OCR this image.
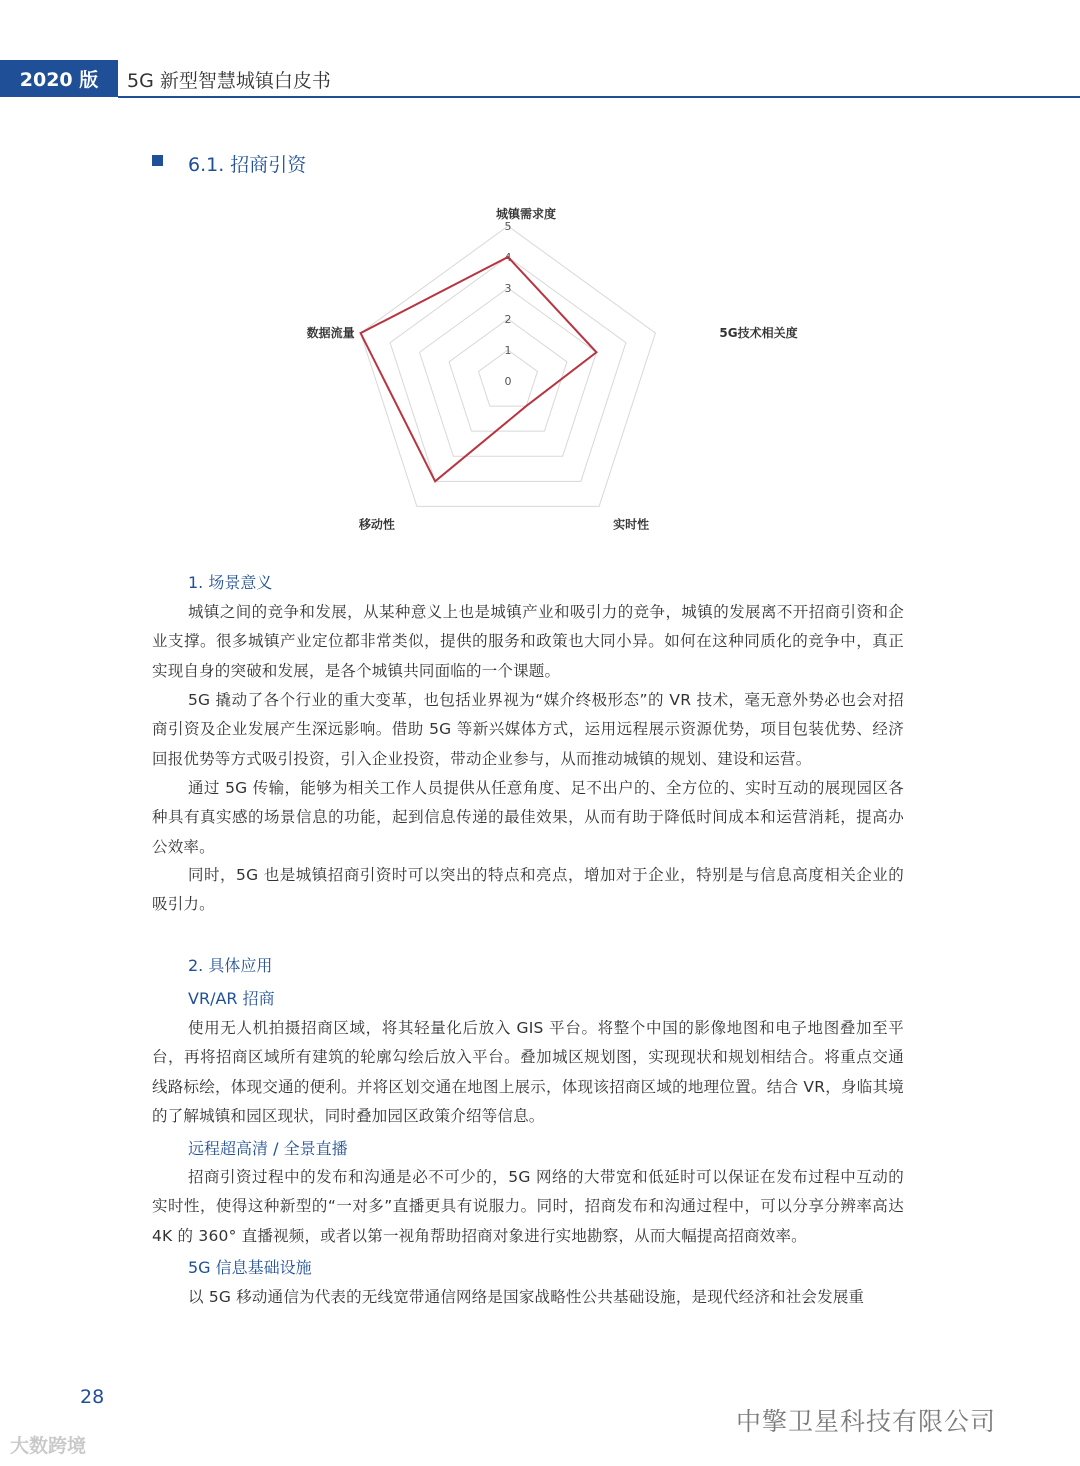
2020 版 5G 新型智慧城镇白皮书
6.1. 招商引资
0
1
2
3
4
5
城镇需求度
5G技术相关度
实时性
移动性
数据流量
1. 场景意义
城镇之间的竞争和发展，从某种意义上也是城镇产业和吸引力的竞争，城镇的发展离不开招商引资和企业支撑。很多城镇产业定位都非常类似，提供的服务和政策也大同小异。如何在这种同质化的竞争中，真正实现自身的突破和发展，是各个城镇共同面临的一个课题。
5G 撬动了各个行业的重大变革，也包括业界视为“媒介终极形态”的 VR 技术，毫无意外势必也会对招商引资及企业发展产生深远影响。借助 5G 等新兴媒体方式，运用远程展示资源优势，项目包装优势、经济回报优势等方式吸引投资，引入企业投资，带动企业参与，从而推动城镇的规划、建设和运营。
通过 5G 传输，能够为相关工作人员提供从任意角度、足不出户的、全方位的、实时互动的展现园区各种具有真实感的场景信息的功能，起到信息传递的最佳效果，从而有助于降低时间成本和运营消耗，提高办公效率。
同时，5G 也是城镇招商引资时可以突出的特点和亮点，增加对于企业，特别是与信息高度相关企业的吸引力。
2. 具体应用
VR/AR 招商
使用无人机拍摄招商区域，将其轻量化后放入 GIS 平台。将整个中国的影像地图和电子地图叠加至平台，再将招商区域所有建筑的轮廓勾绘后放入平台。叠加城区规划图，实现现状和规划相结合。将重点交通线路标绘，体现交通的便利。并将区划交通在地图上展示，体现该招商区域的地理位置。结合 VR，身临其境的了解城镇和园区现状，同时叠加园区政策介绍等信息。
远程超高清 / 全景直播
招商引资过程中的发布和沟通是必不可少的，5G 网络的大带宽和低延时可以保证在发布过程中互动的实时性，使得这种新型的“一对多”直播更具有说服力。同时，招商发布和沟通过程中，可以分享分辨率高达 4K 的 360° 直播视频，或者以第一视角帮助招商对象进行实地勘察，从而大幅提高招商效率。
5G 信息基础设施
以 5G 移动通信为代表的无线宽带通信网络是国家战略性公共基础设施，是现代经济和社会发展重
28
大数跨境
中擎卫星科技有限公司
